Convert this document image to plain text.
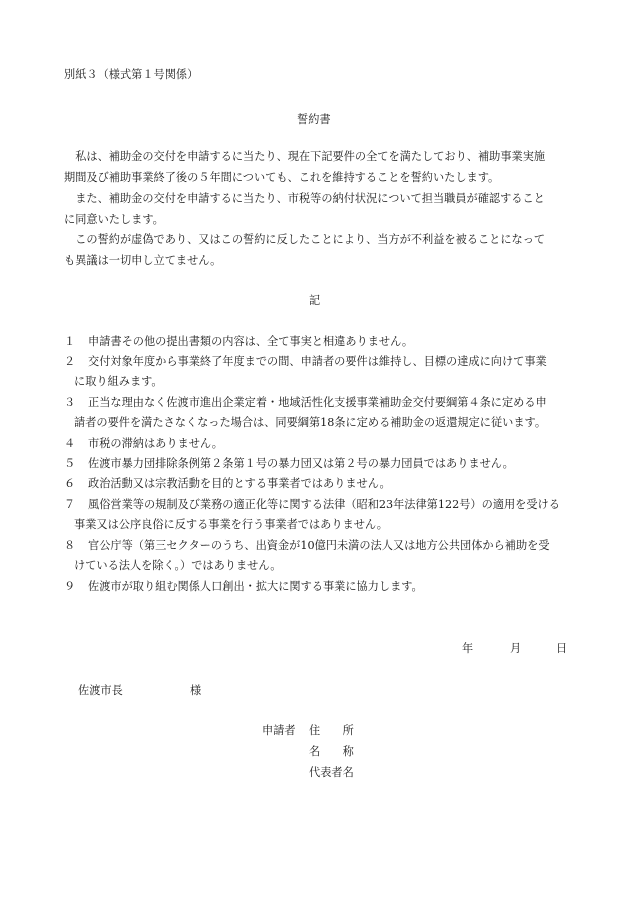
別紙３（様式第１号関係）
誓約書
　私は、補助金の交付を申請するに当たり、現在下記要件の全てを満たしており、補助事業実施
期間及び補助事業終了後の５年間についても、これを維持することを誓約いたします。
　また、補助金の交付を申請するに当たり、市税等の納付状況について担当職員が確認すること
に同意いたします。
　この誓約が虚偽であり、又はこの誓約に反したことにより、当方が不利益を被ることになって
も異議は一切申し立てません。
記
１ 申請書その他の提出書類の内容は、全て事実と相違ありません。
２ 交付対象年度から事業終了年度までの間、申請者の要件は維持し、目標の達成に向けて事業
に取り組みます。
３ 正当な理由なく佐渡市進出企業定着・地域活性化支援事業補助金交付要綱第４条に定める申
請者の要件を満たさなくなった場合は、同要綱第18条に定める補助金の返還規定に従います。
４ 市税の滞納はありません。
５ 佐渡市暴力団排除条例第２条第１号の暴力団又は第２号の暴力団員ではありません。
６ 政治活動又は宗教活動を目的とする事業者ではありません。
７ 風俗営業等の規制及び業務の適正化等に関する法律（昭和23年法律第122号）の適用を受ける
事業又は公序良俗に反する事業を行う事業者ではありません。
８ 官公庁等（第三セクターのうち、出資金が10億円未満の法人又は地方公共団体から補助を受
けている法人を除く。）ではありません。
９ 佐渡市が取り組む関係人口創出・拡大に関する事業に協力します。
年	月	日
佐渡市長	様
申請者 住　　所
名　　称
代表者名
